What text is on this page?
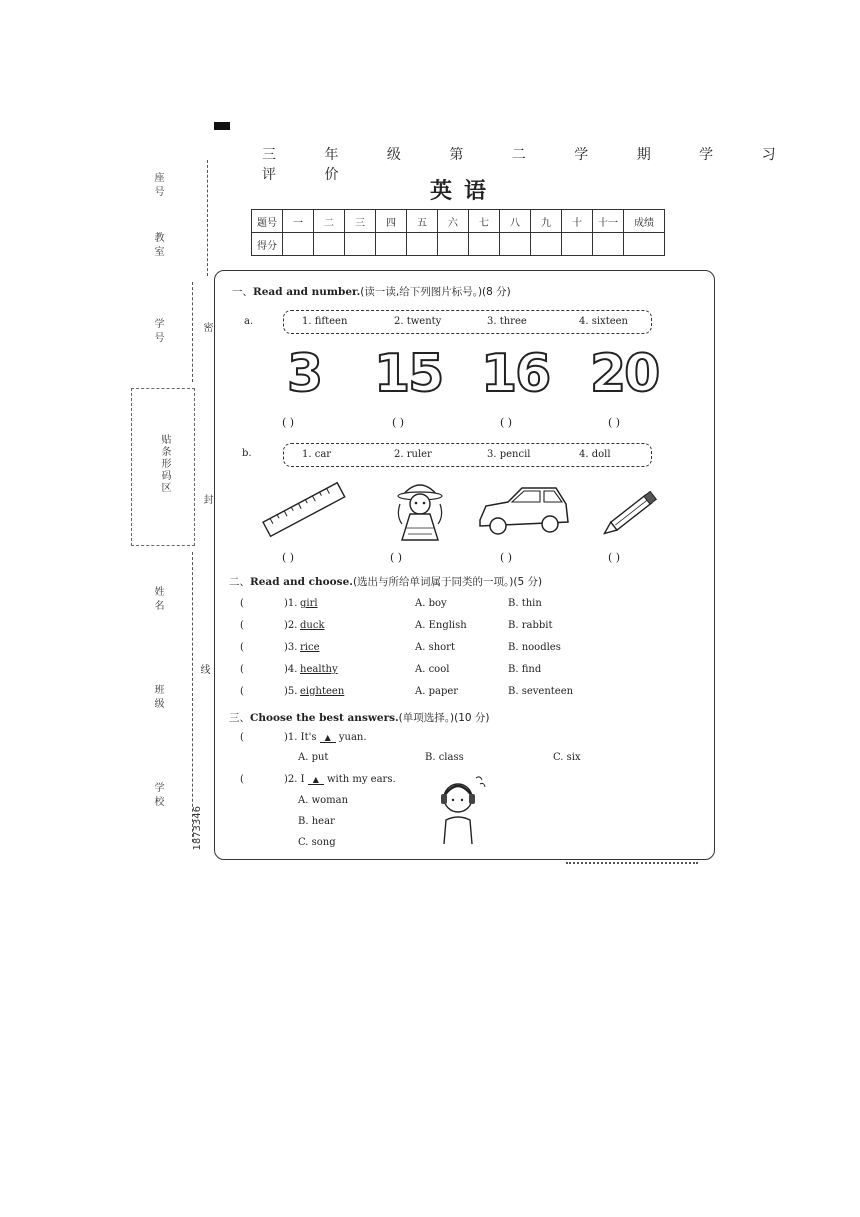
座号
教室
学号
贴条形码区
姓名
班级
学校
密
封
线
1873346
三 年 级 第 二 学 期 学 习 评 价
英语
题号	一	二	三	四	五	六	七	八	九	十	十一	成绩
得分												
一、Read and number.(读一读,给下列图片标号。)(8 分)
a.	1. fifteen	2. twenty	3. three	4. sixteen
3 15 16 20
( )	( )	( )	( )
b.	1. car	2. ruler	3. pencil	4. doll
( )	( )	( )	( )
二、Read and choose.(选出与所给单词属于同类的一项。)(5 分)
(	)1. girl	A. boy	B. thin
(	)2. duck	A. English	B. rabbit
(	)3. rice	A. short	B. noodles
(	)4. healthy	A. cool	B. find
(	)5. eighteen	A. paper	B. seventeen
三、Choose the best answers.(单项选择。)(10 分)
(	)1. It's ▲ yuan.
A. put	B. class	C. six
(	)2. I ▲ with my ears.
A. woman
B. hear
C. song
